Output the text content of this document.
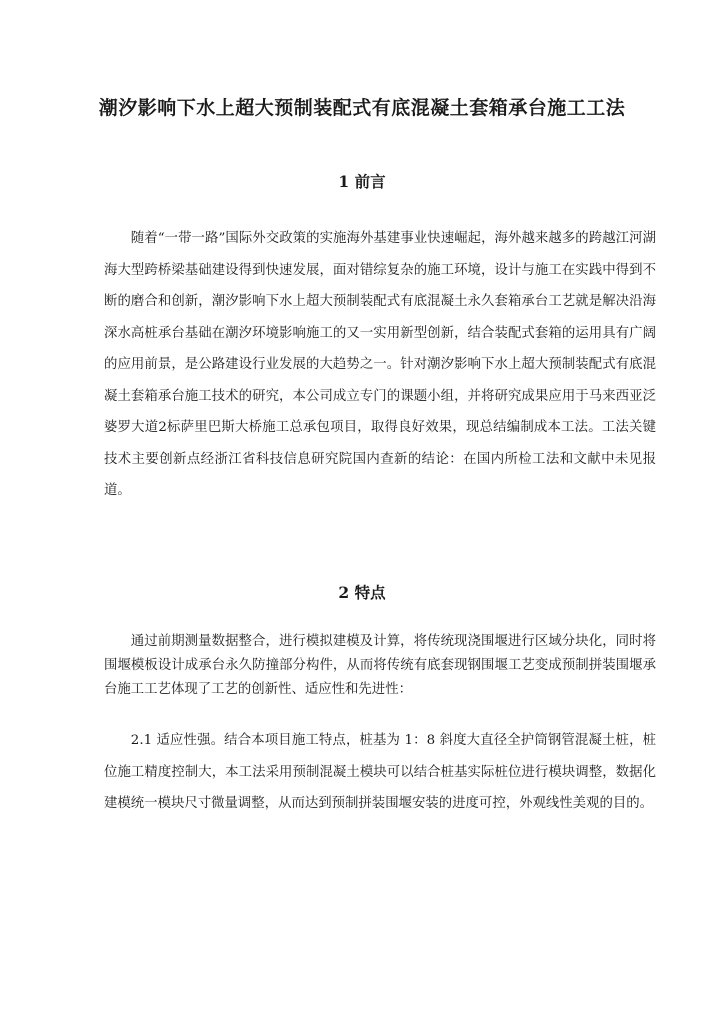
潮汐影响下水上超大预制装配式有底混凝土套箱承台施工工法
1 前言

随着“一带一路”国际外交政策的实施海外基建事业快速崛起，海外越来越多的跨越江河湖海大型跨桥梁基础建设得到快速发展，面对错综复杂的施工环境，设计与施工在实践中得到不断的磨合和创新，潮汐影响下水上超大预制装配式有底混凝土永久套箱承台工艺就是解决沿海深水高桩承台基础在潮汐环境影响施工的又一实用新型创新，结合装配式套箱的运用具有广阔的应用前景，是公路建设行业发展的大趋势之一。针对潮汐影响下水上超大预制装配式有底混凝土套箱承台施工技术的研究，本公司成立专门的课题小组，并将研究成果应用于马来西亚泛婆罗大道2标萨里巴斯大桥施工总承包项目，取得良好效果，现总结编制成本工法。工法关键技术主要创新点经浙江省科技信息研究院国内查新的结论：在国内所检工法和文献中未见报道。

2 特点

通过前期测量数据整合，进行模拟建模及计算，将传统现浇围堰进行区域分块化，同时将围堰模板设计成承台永久防撞部分构件，从而将传统有底套现钢围堰工艺变成预制拼装围堰承台施工工艺体现了工艺的创新性、适应性和先进性：

2.1 适应性强。结合本项目施工特点，桩基为 1：8 斜度大直径全护筒钢管混凝土桩，桩位施工精度控制大，本工法采用预制混凝土模块可以结合桩基实际桩位进行模块调整，数据化建模统一模块尺寸微量调整，从而达到预制拼装围堰安装的进度可控，外观线性美观的目的。
